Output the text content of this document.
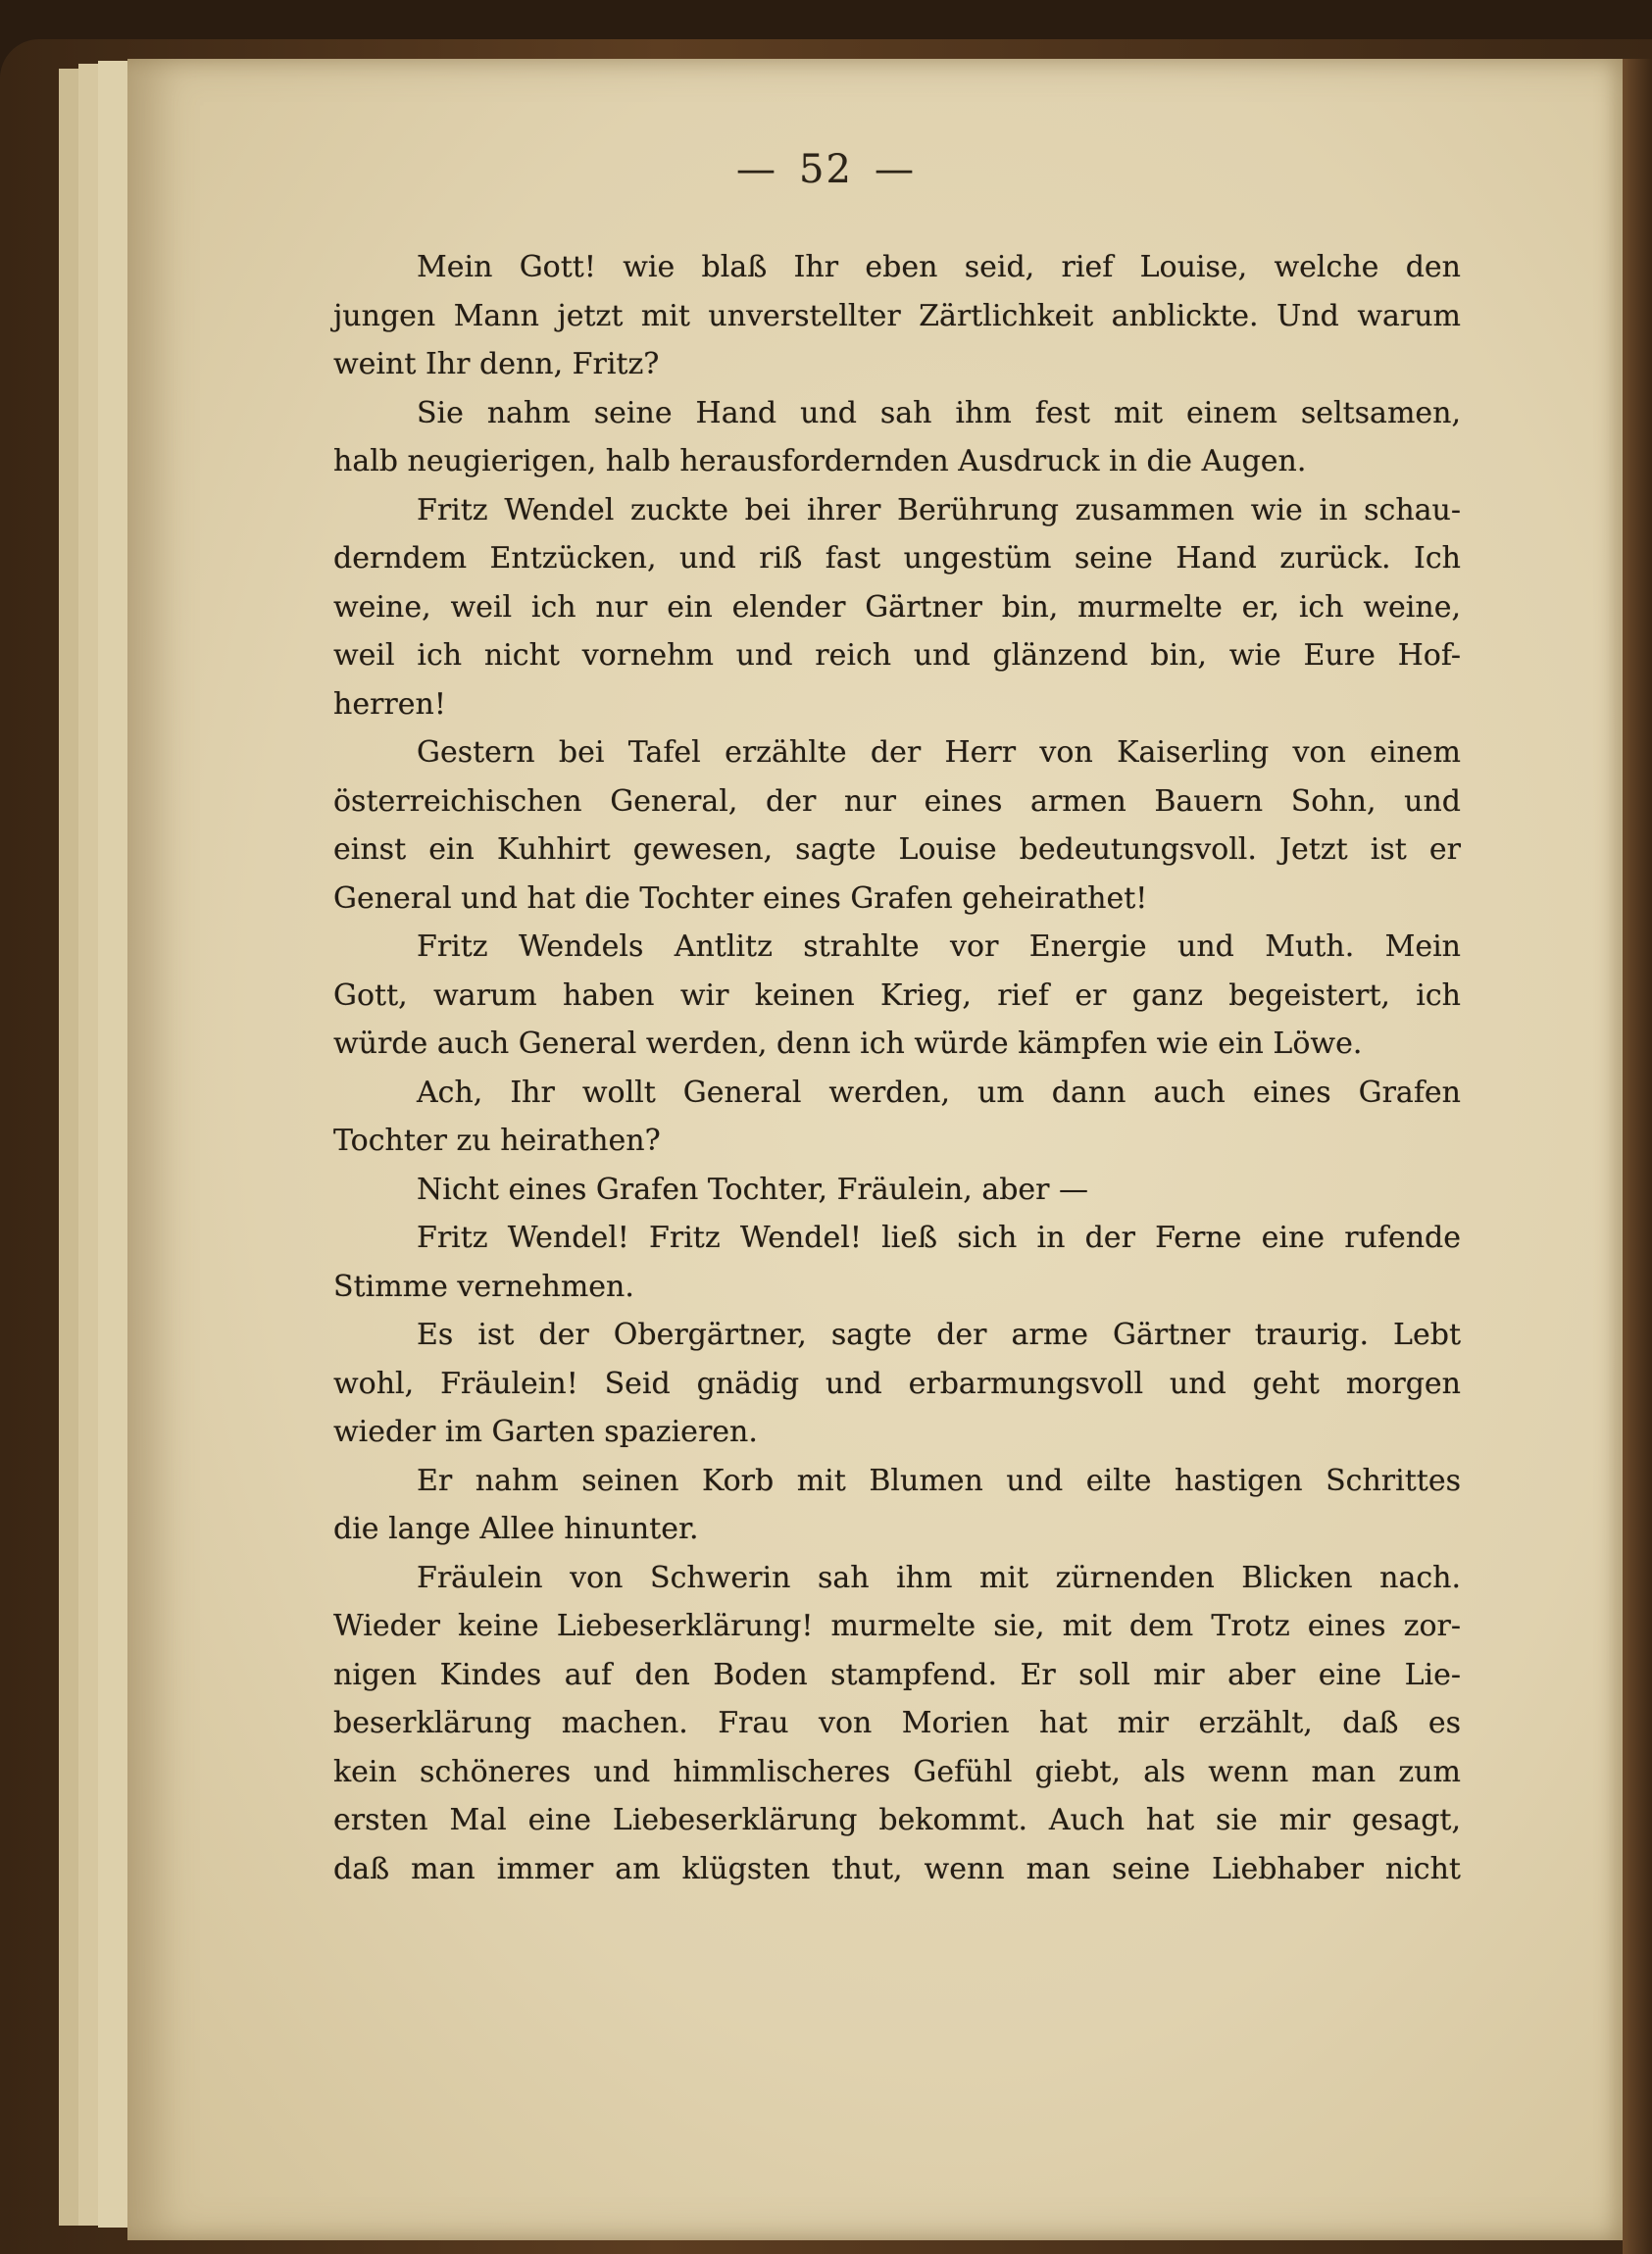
— 52 —
Mein Gott! wie blaß Ihr eben seid, rief Louise, welche den
jungen Mann jetzt mit unverstellter Zärtlichkeit anblickte. Und warum
weint Ihr denn, Fritz?
Sie nahm seine Hand und sah ihm fest mit einem seltsamen,
halb neugierigen, halb herausfordernden Ausdruck in die Augen.
Fritz Wendel zuckte bei ihrer Berührung zusammen wie in schau-
derndem Entzücken, und riß fast ungestüm seine Hand zurück. Ich
weine, weil ich nur ein elender Gärtner bin, murmelte er, ich weine,
weil ich nicht vornehm und reich und glänzend bin, wie Eure Hof-
herren!
Gestern bei Tafel erzählte der Herr von Kaiserling von einem
österreichischen General, der nur eines armen Bauern Sohn, und
einst ein Kuhhirt gewesen, sagte Louise bedeutungsvoll. Jetzt ist er
General und hat die Tochter eines Grafen geheirathet!
Fritz Wendels Antlitz strahlte vor Energie und Muth. Mein
Gott, warum haben wir keinen Krieg, rief er ganz begeistert, ich
würde auch General werden, denn ich würde kämpfen wie ein Löwe.
Ach, Ihr wollt General werden, um dann auch eines Grafen
Tochter zu heirathen?
Nicht eines Grafen Tochter, Fräulein, aber —
Fritz Wendel! Fritz Wendel! ließ sich in der Ferne eine rufende
Stimme vernehmen.
Es ist der Obergärtner, sagte der arme Gärtner traurig. Lebt
wohl, Fräulein! Seid gnädig und erbarmungsvoll und geht morgen
wieder im Garten spazieren.
Er nahm seinen Korb mit Blumen und eilte hastigen Schrittes
die lange Allee hinunter.
Fräulein von Schwerin sah ihm mit zürnenden Blicken nach.
Wieder keine Liebeserklärung! murmelte sie, mit dem Trotz eines zor-
nigen Kindes auf den Boden stampfend. Er soll mir aber eine Lie-
beserklärung machen. Frau von Morien hat mir erzählt, daß es
kein schöneres und himmlischeres Gefühl giebt, als wenn man zum
ersten Mal eine Liebeserklärung bekommt. Auch hat sie mir gesagt,
daß man immer am klügsten thut, wenn man seine Liebhaber nicht
